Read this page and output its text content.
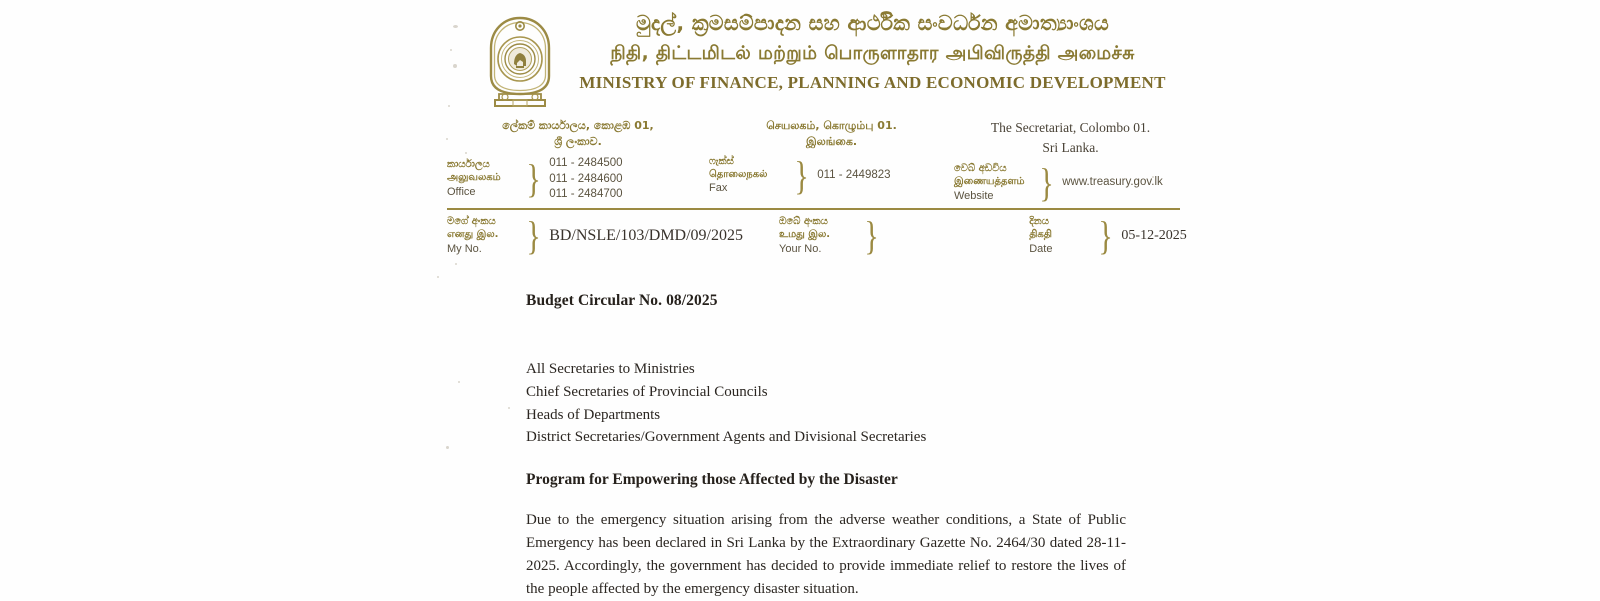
මුදල්, ක්‍රමසම්පාදන සහ ආර්ථික සංවර්ධන අමාත්‍යාංශය
நிதி, திட்டமிடல் மற்றும் பொருளாதார அபிவிருத்தி அமைச்சு
MINISTRY OF FINANCE, PLANNING AND ECONOMIC DEVELOPMENT
ලේකම් කාර්යාලය, කොළඹ 01,
ශ්‍රී ලංකාව.
කාර්යාලය
அலுவலகம்
Office	} 011 - 2484500
011 - 2484600
011 - 2484700
செயலகம், கொழும்பு 01.
இலங்கை.
ෆැක්ස්
தொலைநகல்
Fax	} 011 - 2449823
The Secretariat, Colombo 01.
Sri Lanka.
වෙබ් අඩවිය
இணையத்தளம்
Website	} www.treasury.gov.lk
මගේ අංකය
எனது இல.
My No.	} BD/NSLE/103/DMD/09/2025
ඔබේ අංකය
உமது இல.
Your No.	}	දිනය
திகதி
Date	} 05-12-2025
Budget Circular No. 08/2025
All Secretaries to Ministries
Chief Secretaries of Provincial Councils
Heads of Departments
District Secretaries/Government Agents and Divisional Secretaries
Program for Empowering those Affected by the Disaster
Due to the emergency situation arising from the adverse weather conditions, a State of Public Emergency has been declared in Sri Lanka by the Extraordinary Gazette No. 2464/30 dated 28-11-2025. Accordingly, the government has decided to provide immediate relief to restore the lives of the people affected by the emergency disaster situation.
